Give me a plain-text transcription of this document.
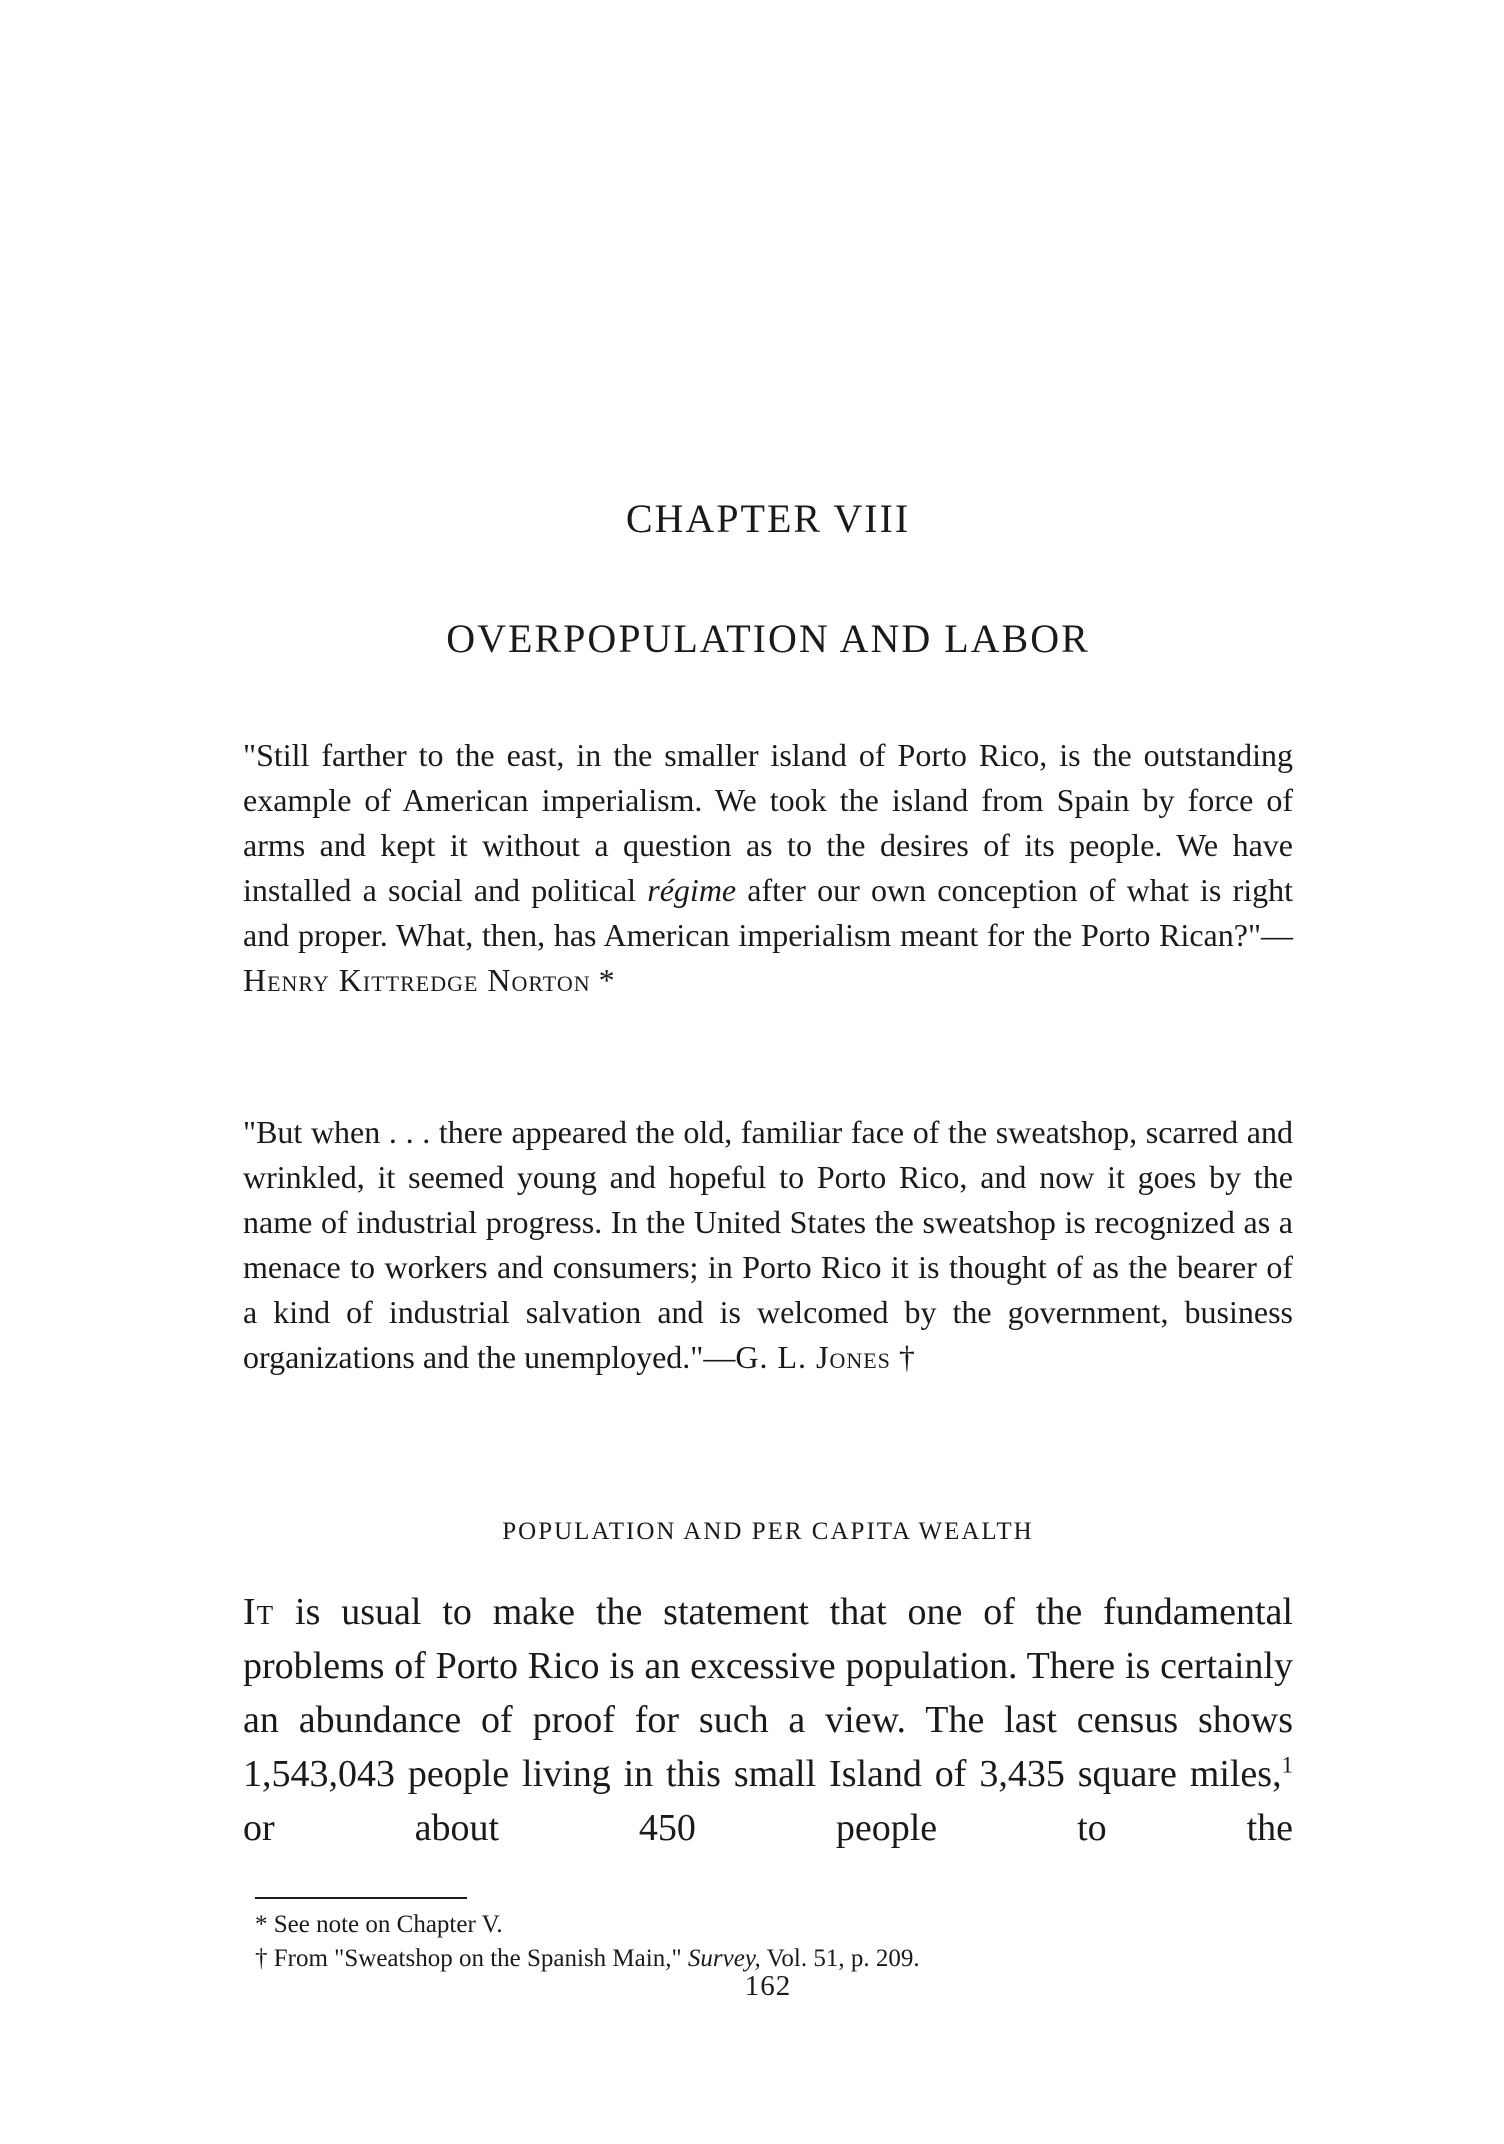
CHAPTER VIII
OVERPOPULATION AND LABOR

"Still farther to the east, in the smaller island of Porto Rico, is the outstanding example of American imperialism. We took the island from Spain by force of arms and kept it without a question as to the desires of its people. We have installed a social and political régime after our own conception of what is right and proper. What, then, has American imperialism meant for the Porto Rican?"—Henry Kittredge Norton *

"But when . . . there appeared the old, familiar face of the sweatshop, scarred and wrinkled, it seemed young and hopeful to Porto Rico, and now it goes by the name of industrial progress. In the United States the sweatshop is recognized as a menace to workers and consumers; in Porto Rico it is thought of as the bearer of a kind of industrial salvation and is welcomed by the government, business organizations and the unemployed."—G. L. Jones †

POPULATION AND PER CAPITA WEALTH

It is usual to make the statement that one of the fundamental problems of Porto Rico is an excessive population. There is certainly an abundance of proof for such a view. The last census shows 1,543,043 people living in this small Island of 3,435 square miles,$^1$ or about 450 people to the

* See note on Chapter V.
† From "Sweatshop on the Spanish Main," Survey, Vol. 51, p. 209.
162
